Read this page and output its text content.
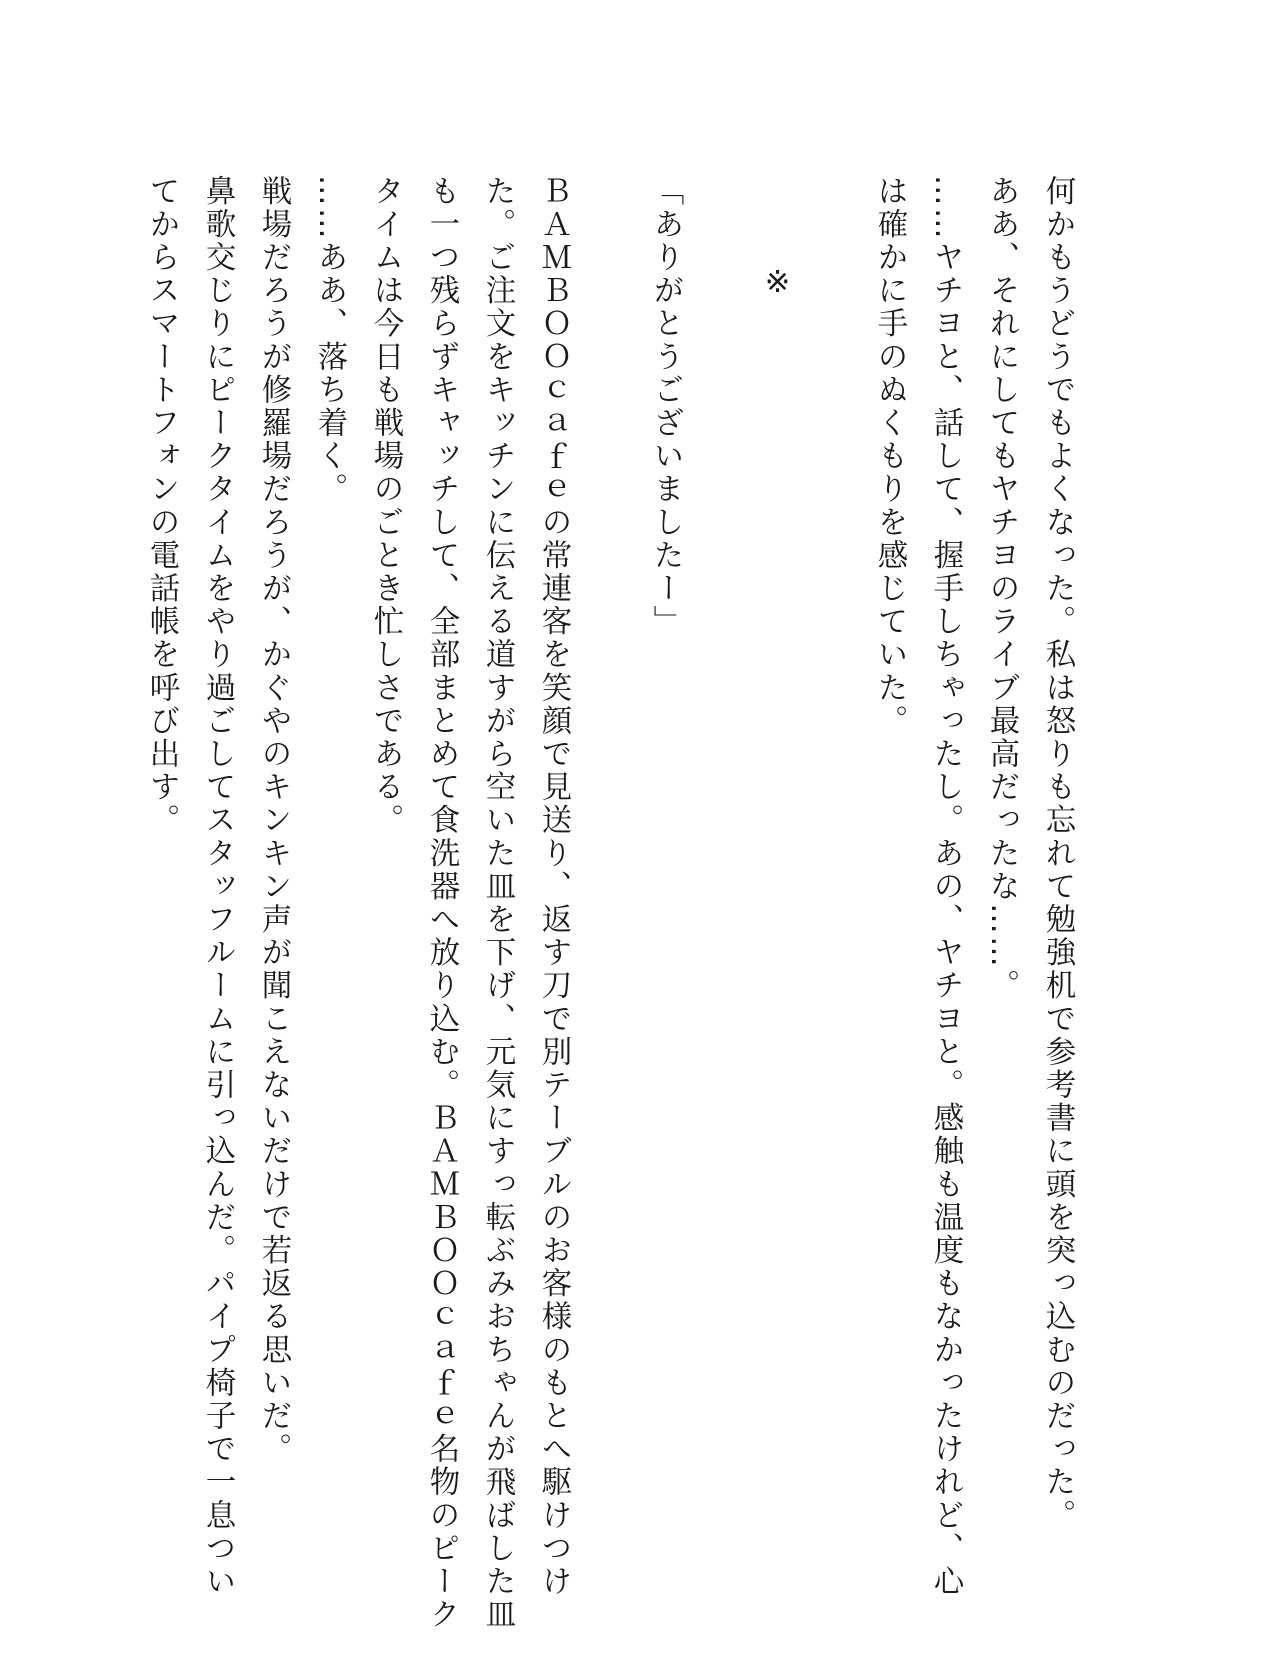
何かもうどうでもよくなった。私は怒りも忘れて勉強机で参考書に頭を突っ込むのだった。
ああ、それにしてもヤチヨのライブ最高だったな……。
……ヤチヨと、話して、握手しちゃったし。あの、ヤチヨと。感触も温度もなかったけれど、心
は確かに手のぬくもりを感じていた。
※
「ありがとうございましたー」
ＢＡＭＢＯＯｃａｆｅの常連客を笑顔で見送り、返す刀で別テーブルのお客様のもとへ駆けつけ
た。ご注文をキッチンに伝える道すがら空いた皿を下げ、元気にすっ転ぶみおちゃんが飛ばした皿
も一つ残らずキャッチして、全部まとめて食洗器へ放り込む。ＢＡＭＢＯＯｃａｆｅ名物のピーク
タイムは今日も戦場のごとき忙しさである。
……ああ、落ち着く。
戦場だろうが修羅場だろうが、かぐやのキンキン声が聞こえないだけで若返る思いだ。
鼻歌交じりにピークタイムをやり過ごしてスタッフルームに引っ込んだ。パイプ椅子で一息つい
てからスマートフォンの電話帳を呼び出す。
